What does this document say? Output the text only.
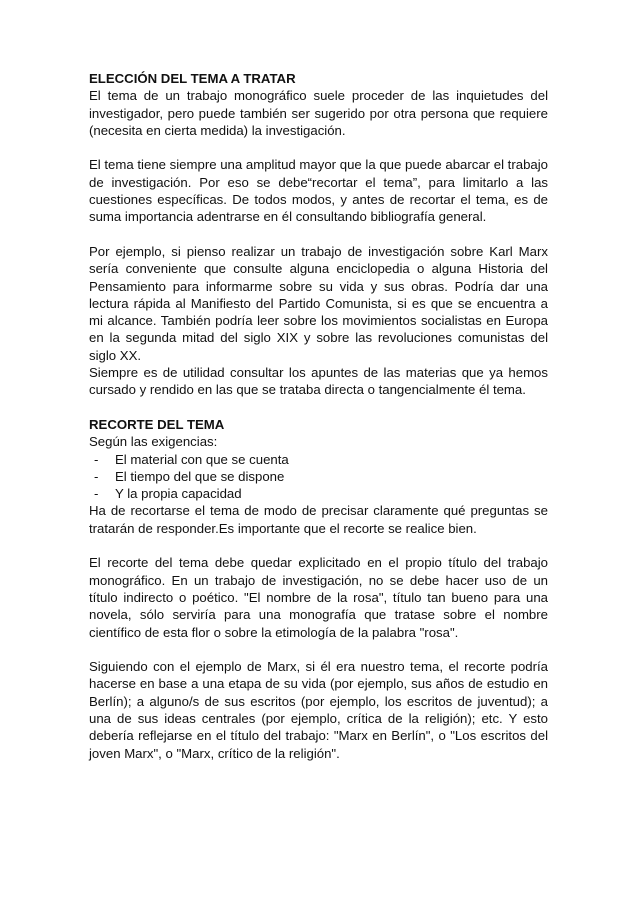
ELECCIÓN DEL TEMA A TRATAR

El tema de un trabajo monográfico suele proceder de las inquietudes del investigador, pero puede también ser sugerido por otra persona que requiere (necesita en cierta medida) la investigación.

El tema tiene siempre una amplitud mayor que la que puede abarcar el trabajo de investigación. Por eso se debe“recortar el tema”, para limitarlo a las cuestiones específicas. De todos modos, y antes de recortar el tema, es de suma importancia adentrarse en él consultando bibliografía general.

Por ejemplo, si pienso realizar un trabajo de investigación sobre Karl Marx sería conveniente que consulte alguna enciclopedia o alguna Historia del Pensamiento para informarme sobre su vida y sus obras. Podría dar una lectura rápida al Manifiesto del Partido Comunista, si es que se encuentra a mi alcance. También podría leer sobre los movimientos socialistas en Europa en la segunda mitad del siglo XIX y sobre las revoluciones comunistas del siglo XX.

Siempre es de utilidad consultar los apuntes de las materias que ya hemos cursado y rendido en las que se trataba directa o tangencialmente él tema.

RECORTE DEL TEMA

Según las exigencias:

- El material con que se cuenta
- El tiempo del que se dispone
- Y la propia capacidad

Ha de recortarse el tema de modo de precisar claramente qué preguntas se tratarán de responder.Es importante que el recorte se realice bien.

El recorte del tema debe quedar explicitado en el propio título del trabajo monográfico. En un trabajo de investigación, no se debe hacer uso de un título indirecto o poético. "El nombre de la rosa", título tan bueno para una novela, sólo serviría para una monografía que tratase sobre el nombre científico de esta flor o sobre la etimología de la palabra "rosa".

Siguiendo con el ejemplo de Marx, si él era nuestro tema, el recorte podría hacerse en base a una etapa de su vida (por ejemplo, sus años de estudio en Berlín); a alguno/s de sus escritos (por ejemplo, los escritos de juventud); a una de sus ideas centrales (por ejemplo, crítica de la religión); etc. Y esto debería reflejarse en el título del trabajo: "Marx en Berlín", o "Los escritos del joven Marx", o "Marx, crítico de la religión".
